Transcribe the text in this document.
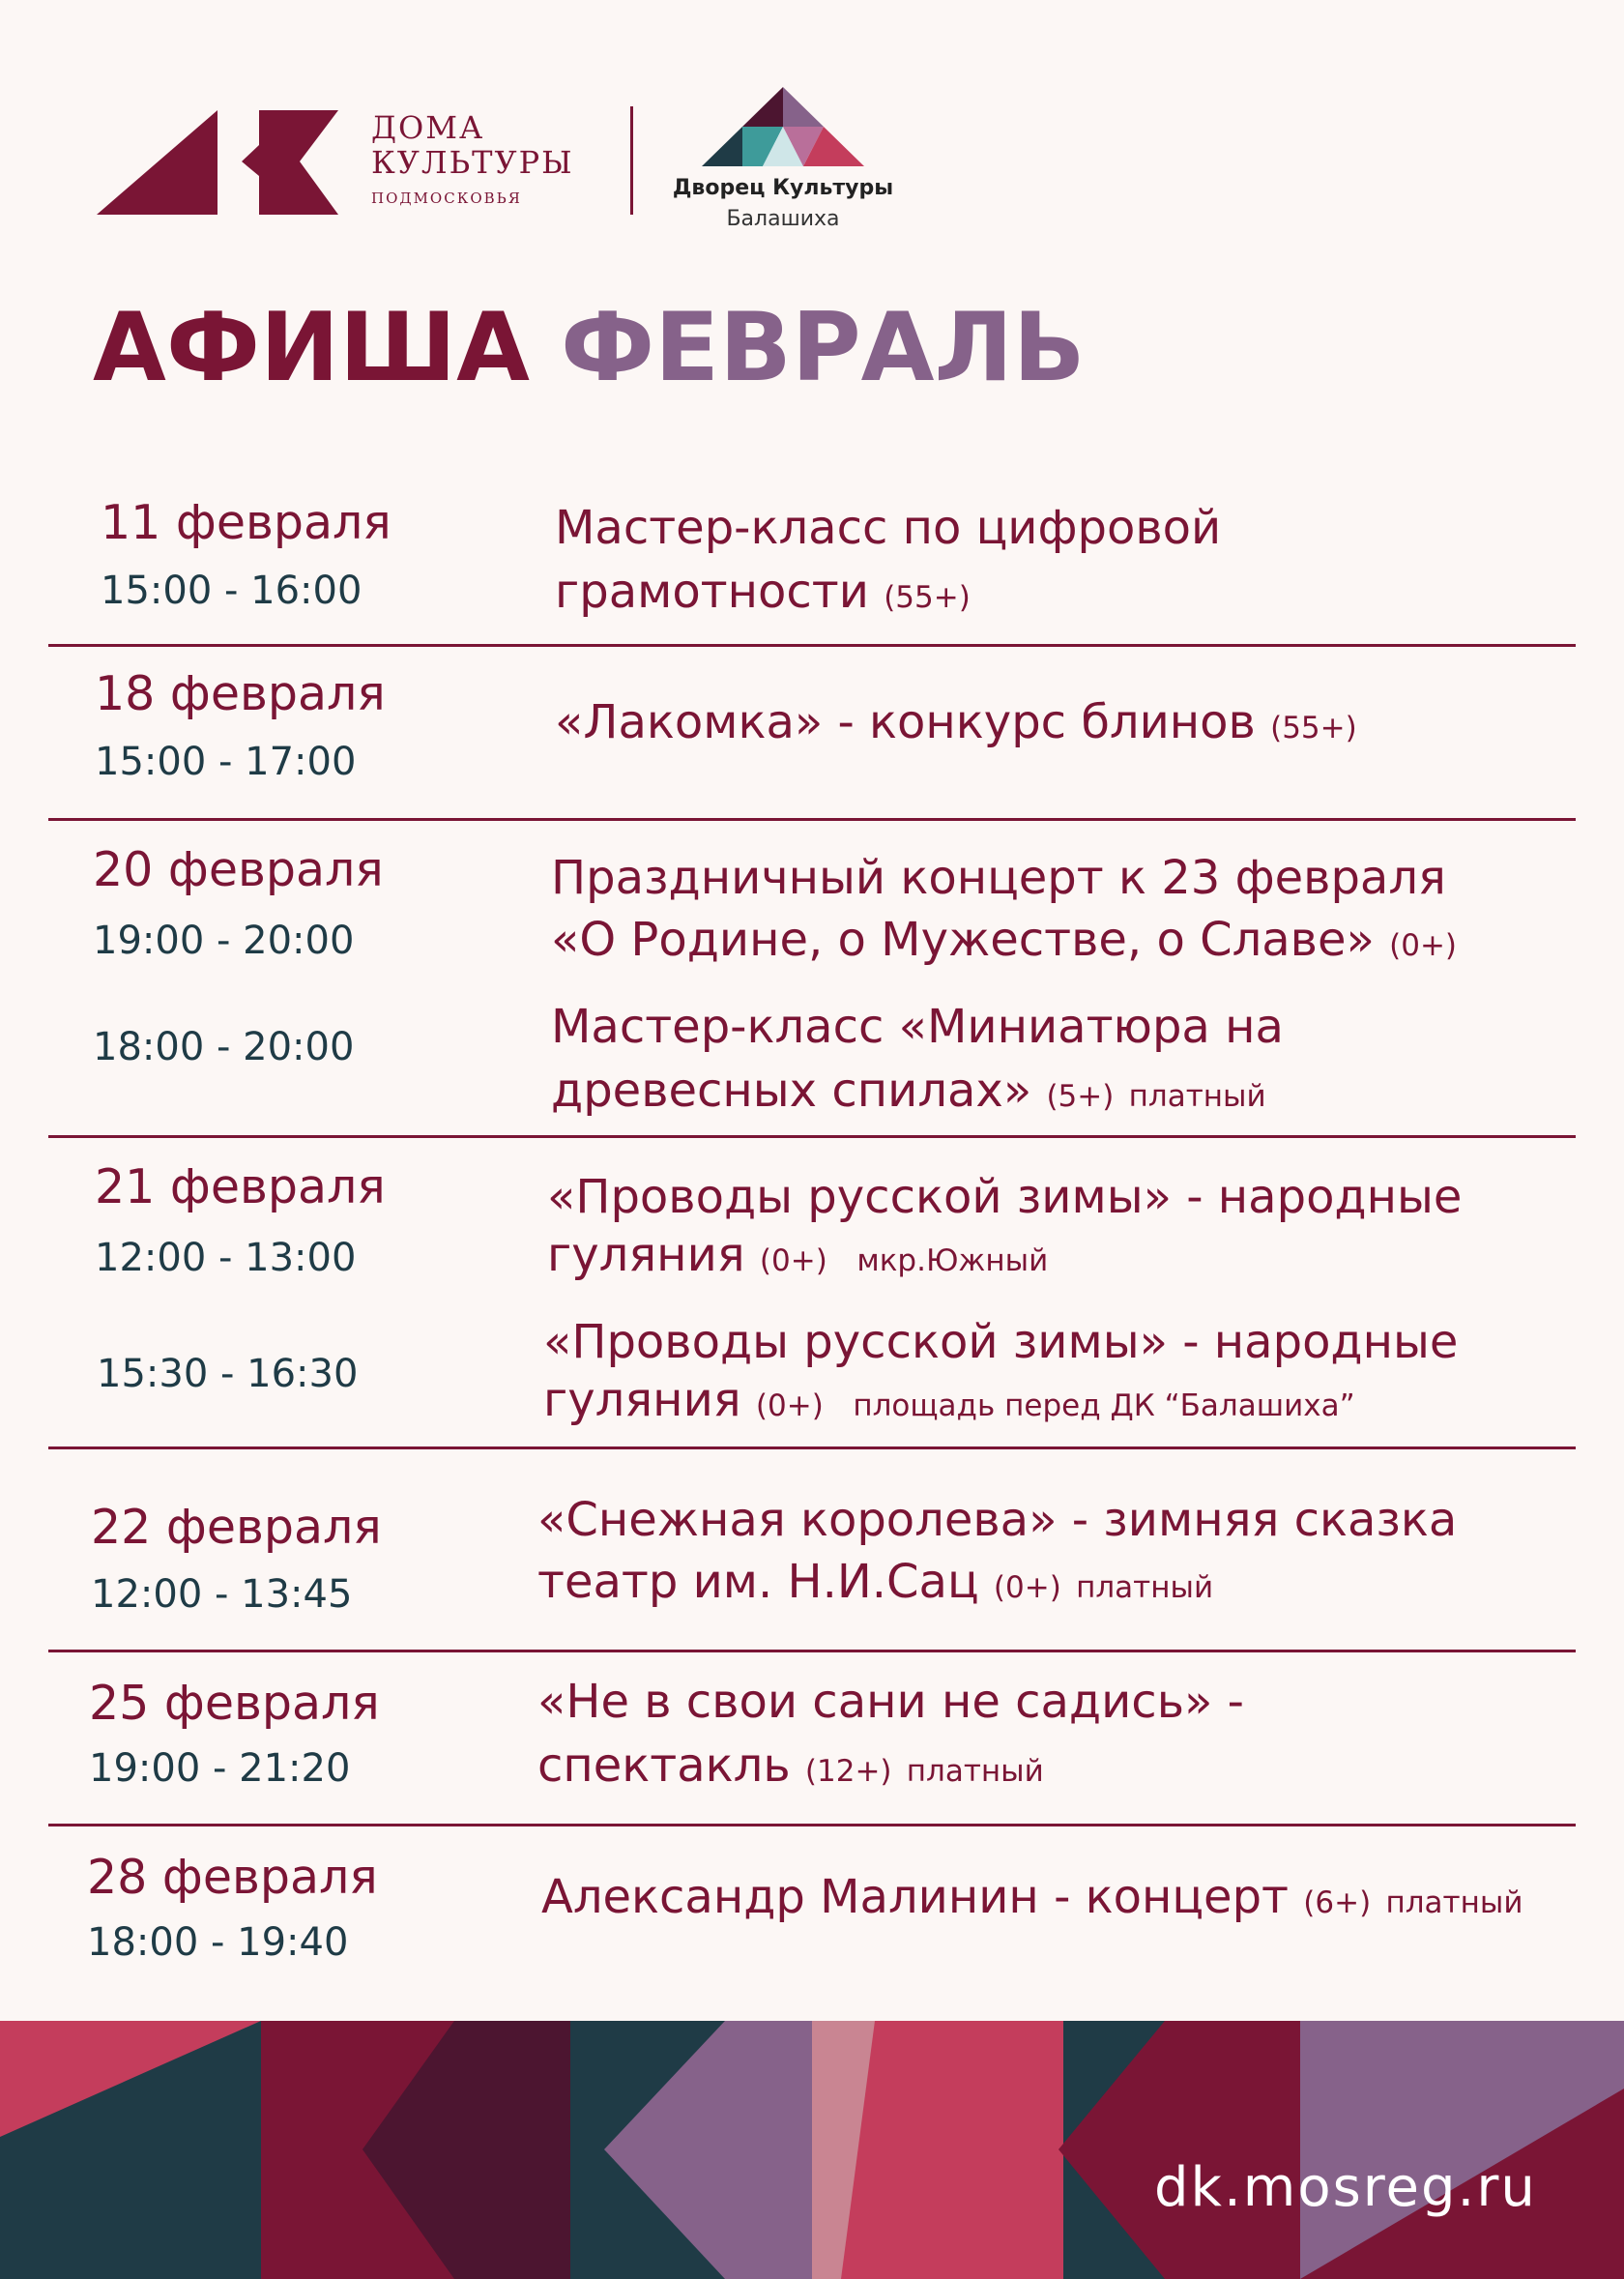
ДОМА
КУЛЬТУРЫ
ПОДМОСКОВЬЯ	Дворец Культуры
Балашиха
АФИША ФЕВРАЛЬ
11 февраля
15:00 - 16:00
Мастер-класс по цифровой
грамотности (55+)
18 февраля
15:00 - 17:00
«Лакомка» - конкурс блинов (55+)
20 февраля
19:00 - 20:00
Праздничный концерт к 23 февраля
«О Родине, о Мужестве, о Славе» (0+)
18:00 - 20:00	Мастер-класс «Миниатюра на
древесных спилах» (5+) платный
21 февраля
12:00 - 13:00
«Проводы русской зимы» - народные
гуляния (0+) мкр.Южный
15:30 - 16:30
«Проводы русской зимы» - народные
гуляния (0+) площадь перед ДК “Балашиха”
22 февраля
12:00 - 13:45
«Снежная королева» - зимняя сказка
театр им. Н.И.Сац (0+) платный
25 февраля
19:00 - 21:20
«Не в свои сани не садись» -
спектакль (12+) платный
28 февраля
18:00 - 19:40
Александр Малинин - концерт (6+) платный
dk.mosreg.ru
